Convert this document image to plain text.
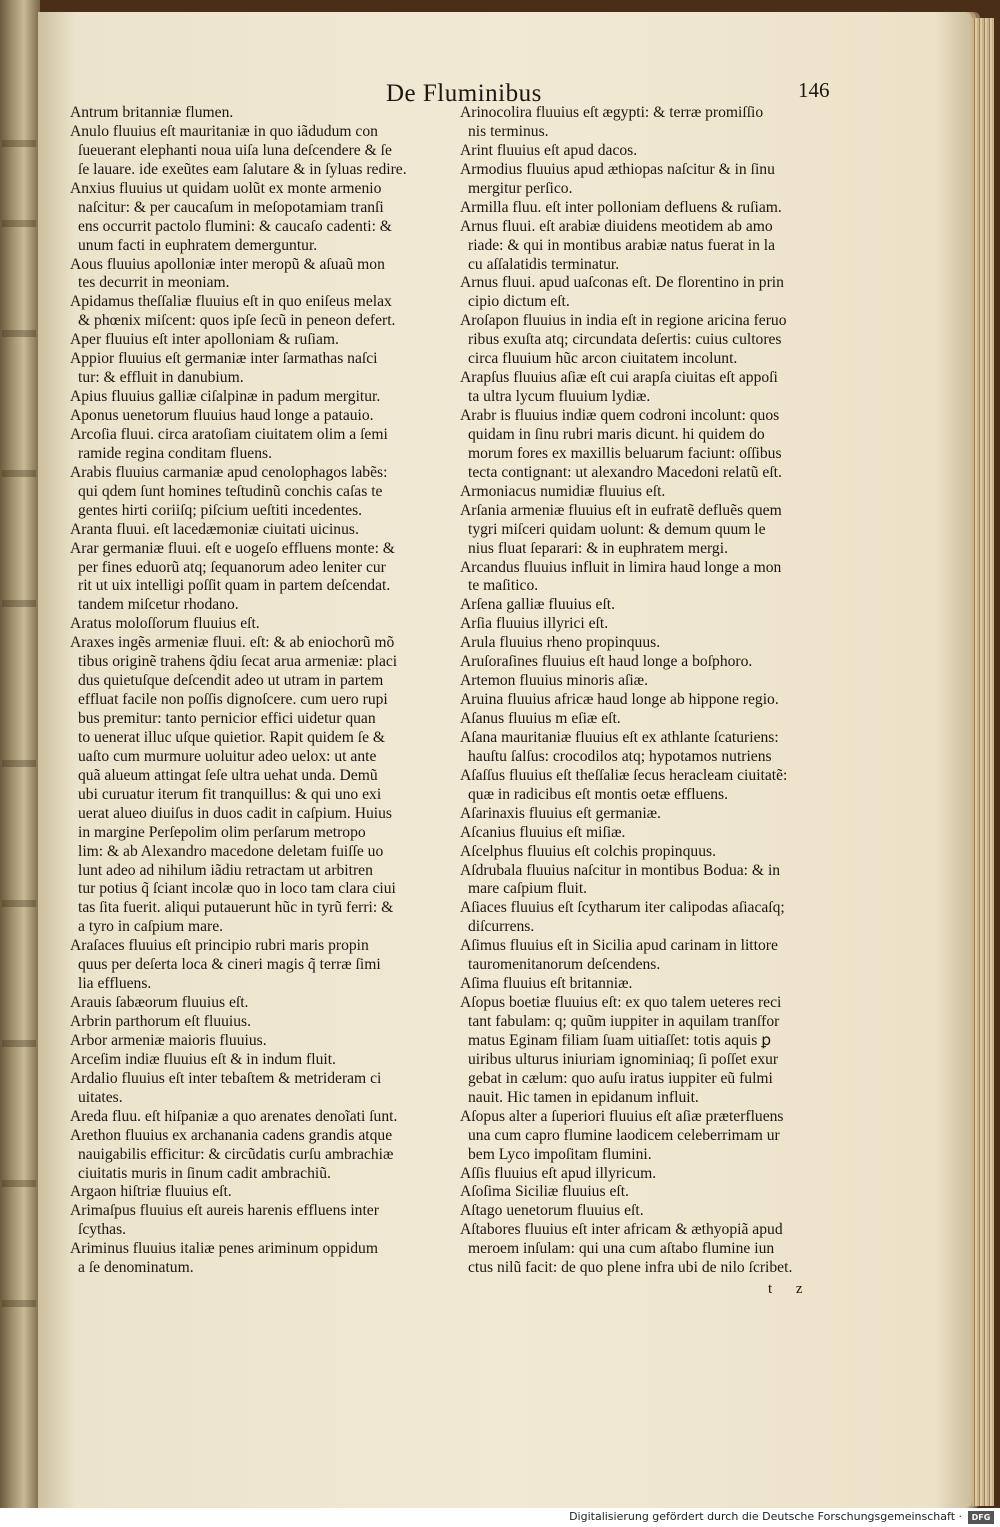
De Fluminibus	146
Antrum britanniæ flumen.
Anulo fluuius eſt mauritaniæ in quo iãdudum con
ſueuerant elephanti noua uiſa luna deſcendere & ſe
ſe lauare. ide exeũtes eam ſalutare & in ſyluas redire.
Anxius fluuius ut quidam uolũt ex monte armenio
naſcitur: & per caucaſum in meſopotamiam tranſi
ens occurrit pactolo flumini: & caucaſo cadenti: &
unum facti in euphratem demerguntur.
Aous fluuius apolloniæ inter meropũ & aſuaũ mon
tes decurrit in meoniam.
Apidamus theſſaliæ fluuius eſt in quo eniſeus melax
& phœnix miſcent: quos ipſe ſecũ in peneon defert.
Aper fluuius eſt inter apolloniam & ruſiam.
Appior fluuius eſt germaniæ inter ſarmathas naſci
tur: & effluit in danubium.
Apius fluuius galliæ ciſalpinæ in padum mergitur.
Aponus uenetorum fluuius haud longe a patauio.
Arcoſia fluui. circa aratoſiam ciuitatem olim a ſemi
ramide regina conditam fluens.
Arabis fluuius carmaniæ apud cenolophagos labẽs:
qui qdem ſunt homines teſtudinũ conchis caſas te
gentes hirti coriiſq; piſcium ueſtiti incedentes.
Aranta fluui. eſt lacedæmoniæ ciuitati uicinus.
Arar germaniæ fluui. eſt e uogeſo effluens monte: &
per fines eduorũ atq; ſequanorum adeo leniter cur
rit ut uix intelligi poſſit quam in partem deſcendat.
tandem miſcetur rhodano.
Aratus moloſſorum fluuius eſt.
Araxes ingẽs armeniæ fluui. eſt: & ab eniochorũ mõ
tibus originẽ trahens q̃diu ſecat arua armeniæ: placi
dus quietuſque deſcendit adeo ut utram in partem
effluat facile non poſſis dignoſcere. cum uero rupi
bus premitur: tanto pernicior effici uidetur quan
to uenerat illuc uſque quietior. Rapit quidem ſe &
uaſto cum murmure uoluitur adeo uelox: ut ante
quã alueum attingat ſeſe ultra uehat unda. Demũ
ubi curuatur iterum fit tranquillus: & qui uno exi
uerat alueo diuiſus in duos cadit in caſpium. Huius
in margine Perſepolim olim perſarum metropo
lim: & ab Alexandro macedone deletam fuiſſe uo
lunt adeo ad nihilum iãdiu retractam ut arbitren
tur potius q̃ ſciant incolæ quo in loco tam clara ciui
tas ſita fuerit. aliqui putauerunt hũc in tyrũ ferri: &
a tyro in caſpium mare.
Araſaces fluuius eſt principio rubri maris propin
quus per deſerta loca & cineri magis q̃ terræ ſimi
lia effluens.
Arauis ſabæorum fluuius eſt.
Arbrin parthorum eſt fluuius.
Arbor armeniæ maioris fluuius.
Arceſim indiæ fluuius eſt & in indum fluit.
Ardalio fluuius eſt inter tebaſtem & metrideram ci
uitates.
Areda fluu. eſt hiſpaniæ a quo arenates denoĩati ſunt.
Arethon fluuius ex archanania cadens grandis atque
nauigabilis efficitur: & circũdatis curſu ambrachiæ
ciuitatis muris in ſinum cadit ambrachiũ.
Argaon hiſtriæ fluuius eſt.
Arimaſpus fluuius eſt aureis harenis effluens inter
ſcythas.
Ariminus fluuius italiæ penes ariminum oppidum
a ſe denominatum.
Arinocolira fluuius eſt ægypti: & terræ promiſſio
nis terminus.
Arint fluuius eſt apud dacos.
Armodius fluuius apud æthiopas naſcitur & in ſinu
mergitur perſico.
Armilla fluu. eſt inter polloniam defluens & ruſiam.
Arnus fluui. eſt arabiæ diuidens meotidem ab amo
riade: & qui in montibus arabiæ natus fuerat in la
cu aſſalatidis terminatur.
Arnus fluui. apud uaſconas eſt. De florentino in prin
cipio dictum eſt.
Aroſapon fluuius in india eſt in regione aricina feruo
ribus exuſta atq; circundata deſertis: cuius cultores
circa fluuium hũc arcon ciuitatem incolunt.
Arapſus fluuius aſiæ eſt cui arapſa ciuitas eſt appoſi
ta ultra lycum fluuium lydiæ.
Arabr is fluuius indiæ quem codroni incolunt: quos
quidam in ſinu rubri maris dicunt. hi quidem do
morum fores ex maxillis beluarum faciunt: oſſibus
tecta contignant: ut alexandro Macedoni relatũ eſt.
Armoniacus numidiæ fluuius eſt.
Arſania armeniæ fluuius eſt in eufratẽ defluẽs quem
tygri miſceri quidam uolunt: & demum quum le
nius fluat ſeparari: & in euphratem mergi.
Arcandus fluuius influit in limira haud longe a mon
te maſitico.
Arſena galliæ fluuius eſt.
Arſia fluuius illyrici eſt.
Arula fluuius rheno propinquus.
Aruſoraſines fluuius eſt haud longe a boſphoro.
Artemon fluuius minoris aſiæ.
Aruina fluuius africæ haud longe ab hippone regio.
Aſanus fluuius m eſiæ eſt.
Aſana mauritaniæ fluuius eſt ex athlante ſcaturiens:
hauſtu ſalſus: crocodilos atq; hypotamos nutriens
Aſaſſus fluuius eſt theſſaliæ ſecus heracleam ciuitatẽ:
quæ in radicibus eſt montis oetæ effluens.
Aſarinaxis fluuius eſt germaniæ.
Aſcanius fluuius eſt miſiæ.
Aſcelphus fluuius eſt colchis propinquus.
Aſdrubala fluuius naſcitur in montibus Bodua: & in
mare caſpium fluit.
Aſiaces fluuius eſt ſcytharum iter calipodas aſiacaſq;
diſcurrens.
Aſimus fluuius eſt in Sicilia apud carinam in littore
tauromenitanorum deſcendens.
Aſima fluuius eſt britanniæ.
Aſopus boetiæ fluuius eſt: ex quo talem ueteres reci
tant fabulam: q; quũm iuppiter in aquilam tranſfor
matus Eginam filiam ſuam uitiaſſet: totis aquis ꝑ
uiribus ulturus iniuriam ignominiaq; ſi poſſet exur
gebat in cælum: quo auſu iratus iuppiter eũ fulmi
nauit. Hic tamen in epidanum influit.
Aſopus alter a ſuperiori fluuius eſt aſiæ præterfluens
una cum capro flumine laodicem celeberrimam ur
bem Lyco impoſitam flumini.
Aſſis fluuius eſt apud illyricum.
Aſoſima Siciliæ fluuius eſt.
Aſtago uenetorum fluuius eſt.
Aſtabores fluuius eſt inter africam & æthyopiã apud
meroem inſulam: qui una cum aſtabo flumine iun
ctus nilũ facit: de quo plene infra ubi de nilo ſcribet.
t z
Digitalisierung gefördert durch die Deutsche Forschungsgemeinschaft ·	DFG
